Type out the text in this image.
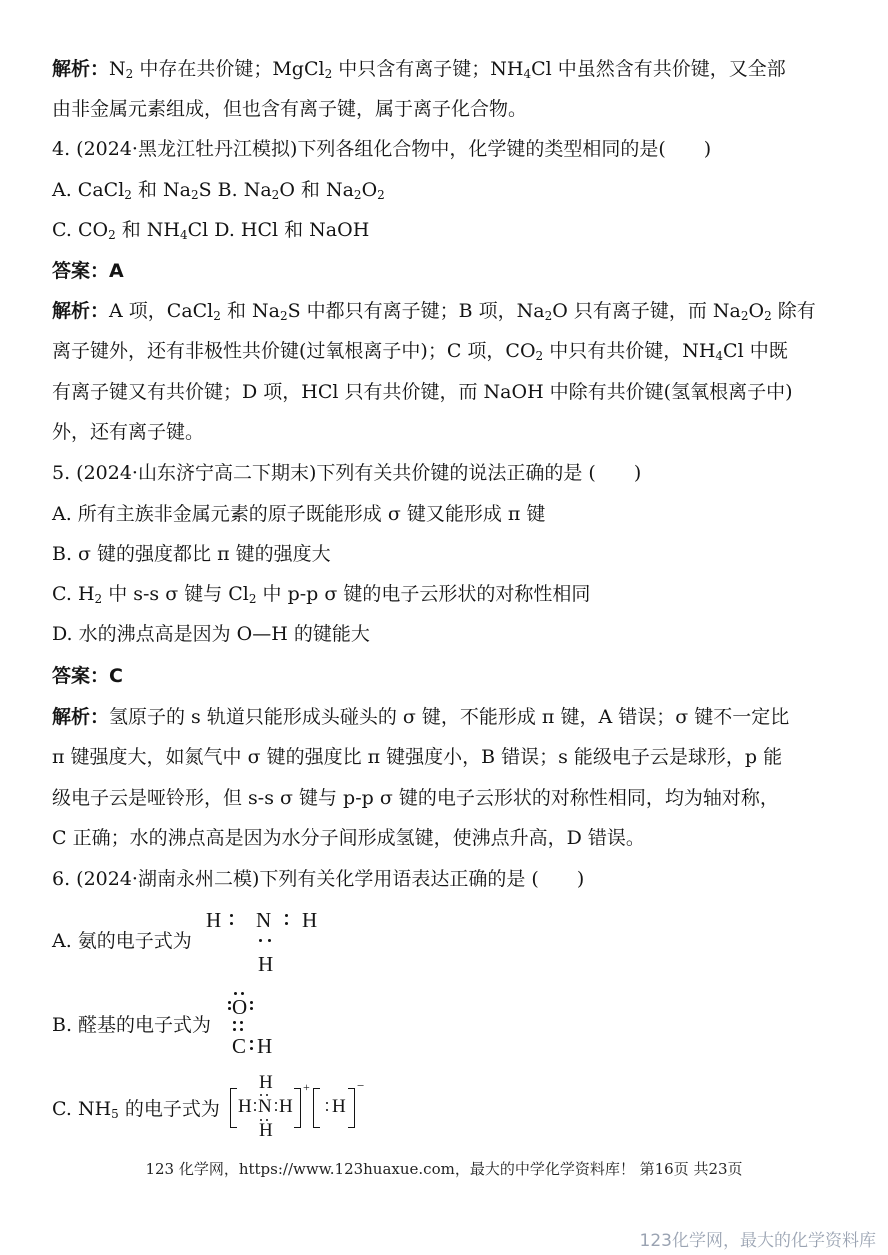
解析：$N_2$ 中存在共价键；MgCl$_2$ 中只含有离子键；$NH_4Cl$ 中虽然含有共价键，又全部
由非金属元素组成，但也含有离子键，属于离子化合物。
4. (2024·黑龙江牡丹江模拟)下列各组化合物中，化学键的类型相同的是(　　)
A. CaCl$_2$ 和 $Na_2S$ B. $Na_2O$ 和 $Na_2O_2$
C. $CO_2$ 和 $NH_4Cl$ D. HCl 和 NaOH
答案：A
解析：A 项，CaCl$_2$ 和 $Na_2S$ 中都只有离子键；B 项，$Na_2O$ 只有离子键，而 $Na_2O_2$ 除有
离子键外，还有非极性共价键(过氧根离子中)；C 项，$CO_2$ 中只有共价键，$NH_4Cl$ 中既
有离子键又有共价键；D 项，HCl 只有共价键，而 NaOH 中除有共价键(氢氧根离子中)
外，还有离子键。
5. (2024·山东济宁高二下期末)下列有关共价键的说法正确的是 (　　)
A. 所有主族非金属元素的原子既能形成 σ 键又能形成 π 键
B. σ 键的强度都比 π 键的强度大
C. $H_2$ 中 s-s σ 键与 $Cl_2$ 中 p-p σ 键的电子云形状的对称性相同
D. 水的沸点高是因为 O—H 的键能大
答案：C
解析：氢原子的 s 轨道只能形成头碰头的 σ 键，不能形成 π 键，A 错误；σ 键不一定比
π 键强度大，如氮气中 σ 键的强度比 π 键强度小，B 错误；s 能级电子云是球形，p 能
级电子云是哑铃形，但 s-s σ 键与 p-p σ 键的电子云形状的对称性相同，均为轴对称，
C 正确；水的沸点高是因为水分子间形成氢键，使沸点升高，D 错误。
6. (2024·湖南永州二模)下列有关化学用语表达正确的是 (　　)
A. 氨的电子式为
H N H
H
B. 醛基的电子式为
O
C H
C. $NH_5$ 的电子式为
H
H N H
H
+
H
−
123 化学网，https://www.123huaxue.com，最大的中学化学资料库！ 第16页 共23页
123化学网，最大的化学资料库
